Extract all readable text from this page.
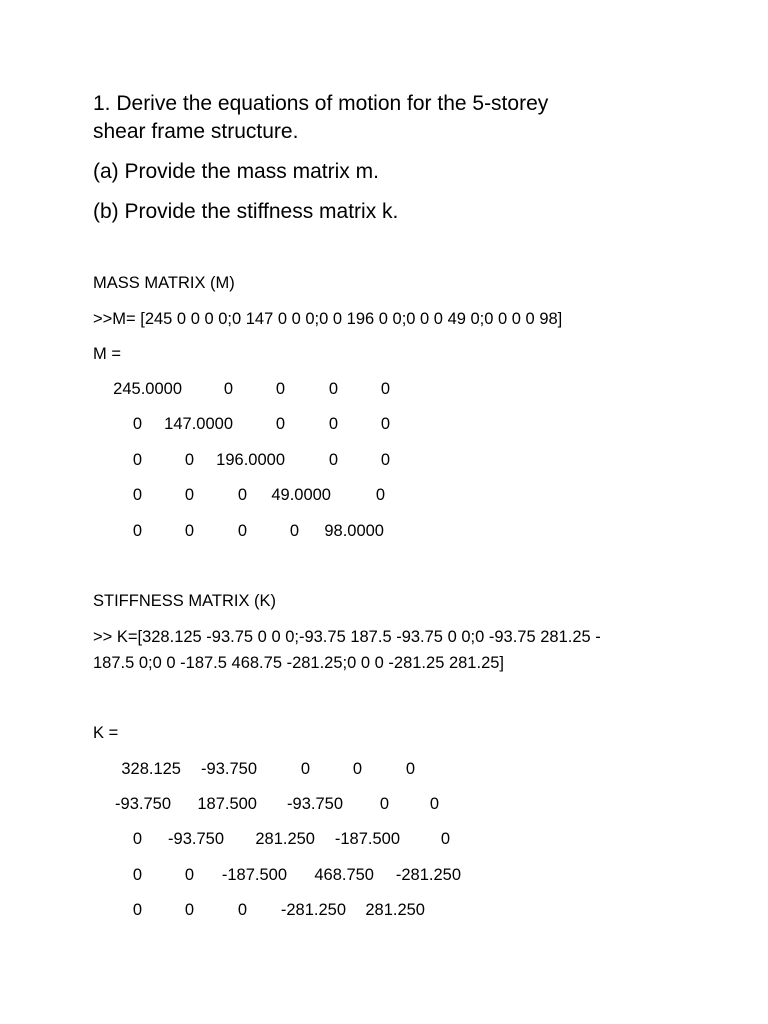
1. Derive the equations of motion for the 5-storey
shear frame structure.
(a) Provide the mass matrix m.
(b) Provide the stiffness matrix k.
MASS MATRIX (M)
>>M= [245 0 0 0 0;0 147 0 0 0;0 0 196 0 0;0 0 0 49 0;0 0 0 0 98]
M =
245.0000	0	0	0	0
0 147.0000	0	0	0
0	0 196.0000	0	0
0	0	0 49.0000	0
0	0	0	0 98.0000
STIFFNESS MATRIX (K)
>> K=[328.125 -93.75 0 0 0;-93.75 187.5 -93.75 0 0;0 -93.75 281.25 -
187.5 0;0 0 -187.5 468.75 -281.25;0 0 0 -281.25 281.25]
K =
328.125 -93.750	0	0	0
-93.750 187.500 -93.750 0 0
0 -93.750 281.250 -187.500 0
0	0 -187.500 468.750 -281.250
0	0	0 -281.250 281.250
